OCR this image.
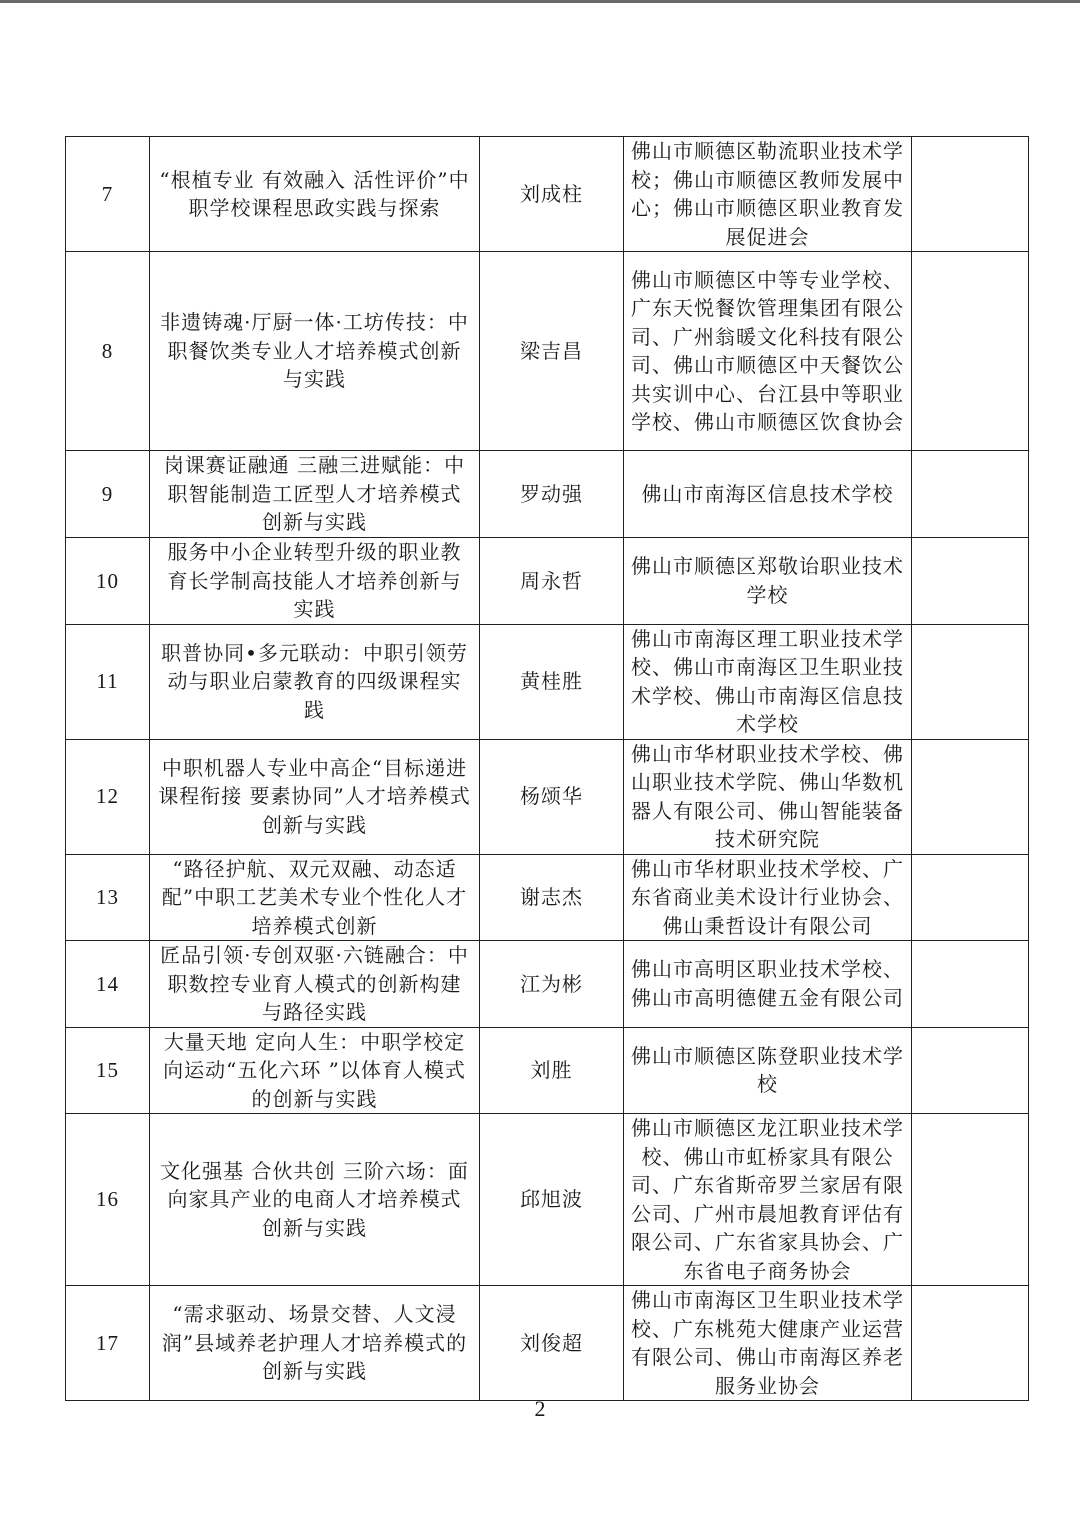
7	“根植专业 有效融入 活性评价”中职学校课程思政实践与探索	刘成柱	佛山市顺德区勒流职业技术学校；佛山市顺德区教师发展中心；佛山市顺德区职业教育发展促进会	
8	非遗铸魂·厅厨一体·工坊传技：中职餐饮类专业人才培养模式创新与实践	梁吉昌	佛山市顺德区中等专业学校、广东天悦餐饮管理集团有限公司、广州翁暖文化科技有限公司、佛山市顺德区中天餐饮公共实训中心、台江县中等职业学校、佛山市顺德区饮食协会	
9	岗课赛证融通 三融三进赋能：中职智能制造工匠型人才培养模式创新与实践	罗动强	佛山市南海区信息技术学校	
10	服务中小企业转型升级的职业教育长学制高技能人才培养创新与实践	周永哲	佛山市顺德区郑敬诒职业技术学校	
11	职普协同•多元联动：中职引领劳动与职业启蒙教育的四级课程实践	黄桂胜	佛山市南海区理工职业技术学校、佛山市南海区卫生职业技术学校、佛山市南海区信息技术学校	
12	中职机器人专业中高企“目标递进课程衔接 要素协同”人才培养模式创新与实践	杨颂华	佛山市华材职业技术学校、佛山职业技术学院、佛山华数机器人有限公司、佛山智能装备技术研究院	
13	“路径护航、双元双融、动态适配”中职工艺美术专业个性化人才培养模式创新	谢志杰	佛山市华材职业技术学校、广东省商业美术设计行业协会、佛山秉哲设计有限公司	
14	匠品引领·专创双驱·六链融合：中职数控专业育人模式的创新构建与路径实践	江为彬	佛山市高明区职业技术学校、佛山市高明德健五金有限公司	
15	大量天地 定向人生：中职学校定向运动“五化六环 ”以体育人模式的创新与实践	刘胜	佛山市顺德区陈登职业技术学校	
16	文化强基 合伙共创 三阶六场：面向家具产业的电商人才培养模式创新与实践	邱旭波	佛山市顺德区龙江职业技术学校、佛山市虹桥家具有限公司、广东省斯帝罗兰家居有限公司、广州市晨旭教育评估有限公司、广东省家具协会、广东省电子商务协会	
17	“需求驱动、场景交替、人文浸润”县域养老护理人才培养模式的创新与实践	刘俊超	佛山市南海区卫生职业技术学校、广东桃苑大健康产业运营有限公司、佛山市南海区养老服务业协会	
2
